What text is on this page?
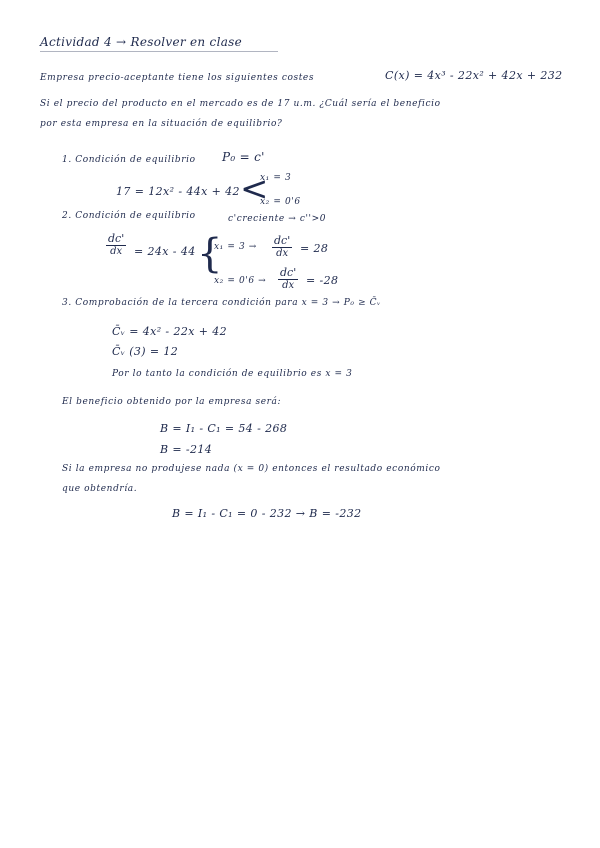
Actividad 4 → Resolver en clase
Empresa precio-aceptante tiene los siguientes costes	C(x) = 4x³ - 22x² + 42x + 232
Si el precio del producto en el mercado es de 17 u.m. ¿Cuál sería el beneficio
por esta empresa en la situación de equilibrio?
1. Condición de equilibrio P₀ = c'
17 = 12x² - 44x + 42 <
x₁ = 3
x₂ = 0'6
2. Condición de equilibrio	c'creciente → c''>0
$\frac{dc'}{dx} = 24x - 44$ {
$x_1 = 3 \to \frac{dc'}{dx} = 28$
$x_2 = 0'6 \to \frac{dc'}{dx} = -28$
3. Comprobación de la tercera condición para x = 3 → P₀ ≥ C̄ᵥ
C̄ᵥ = 4x² - 22x + 42
C̄ᵥ (3) = 12
Por lo tanto la condición de equilibrio es x = 3
El beneficio obtenido por la empresa será:
B = I₁ - C₁ = 54 - 268
B = -214
Si la empresa no produjese nada (x = 0) entonces el resultado económico
que obtendría.
B = I₁ - C₁ = 0 - 232 → B = -232
